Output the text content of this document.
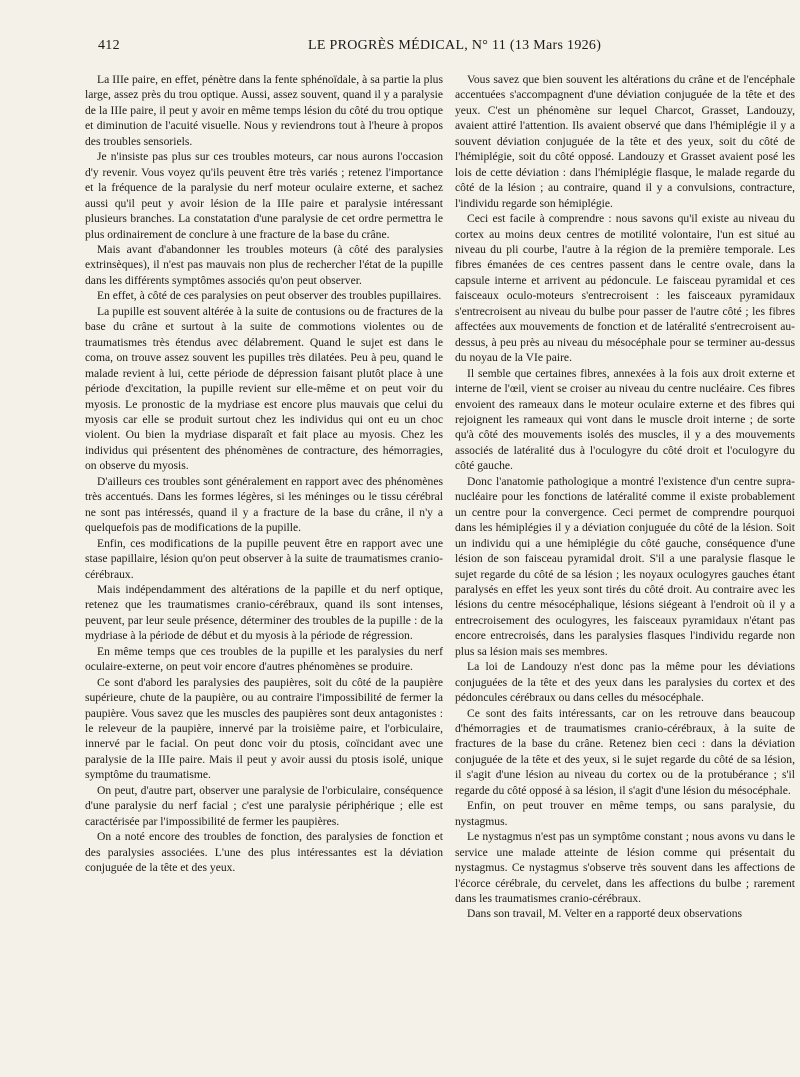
412	LE PROGRÈS MÉDICAL, N° 11 (13 Mars 1926)

La IIIe paire, en effet, pénètre dans la fente sphénoïdale, à sa partie la plus large, assez près du trou optique. Aussi, assez souvent, quand il y a paralysie de la IIIe paire, il peut y avoir en même temps lésion du côté du trou optique et diminution de l'acuité visuelle. Nous y reviendrons tout à l'heure à propos des troubles sensoriels.

Je n'insiste pas plus sur ces troubles moteurs, car nous aurons l'occasion d'y revenir. Vous voyez qu'ils peuvent être très variés ; retenez l'importance et la fréquence de la paralysie du nerf moteur oculaire externe, et sachez aussi qu'il peut y avoir lésion de la IIIe paire et paralysie intéressant plusieurs branches. La constatation d'une paralysie de cet ordre permettra le plus ordinairement de conclure à une fracture de la base du crâne.

Mais avant d'abandonner les troubles moteurs (à côté des paralysies extrinsèques), il n'est pas mauvais non plus de rechercher l'état de la pupille dans les différents symptômes associés qu'on peut observer.

En effet, à côté de ces paralysies on peut observer des troubles pupillaires.

La pupille est souvent altérée à la suite de contusions ou de fractures de la base du crâne et surtout à la suite de commotions violentes ou de traumatismes très étendus avec délabrement. Quand le sujet est dans le coma, on trouve assez souvent les pupilles très dilatées. Peu à peu, quand le malade revient à lui, cette période de dépression faisant plutôt place à une période d'excitation, la pupille revient sur elle-même et on peut voir du myosis. Le pronostic de la mydriase est encore plus mauvais que celui du myosis car elle se produit surtout chez les individus qui ont eu un choc violent. Ou bien la mydriase disparaît et fait place au myosis. Chez les individus qui présentent des phénomènes de contracture, des hémorragies, on observe du myosis.

D'ailleurs ces troubles sont généralement en rapport avec des phénomènes très accentués. Dans les formes légères, si les méninges ou le tissu cérébral ne sont pas intéressés, quand il y a fracture de la base du crâne, il n'y a quelquefois pas de modifications de la pupille.

Enfin, ces modifications de la pupille peuvent être en rapport avec une stase papillaire, lésion qu'on peut observer à la suite de traumatismes cranio-cérébraux.

Mais indépendamment des altérations de la papille et du nerf optique, retenez que les traumatismes cranio-cérébraux, quand ils sont intenses, peuvent, par leur seule présence, déterminer des troubles de la pupille : de la mydriase à la période de début et du myosis à la période de régression.

En même temps que ces troubles de la pupille et les paralysies du nerf oculaire-externe, on peut voir encore d'autres phénomènes se produire.

Ce sont d'abord les paralysies des paupières, soit du côté de la paupière supérieure, chute de la paupière, ou au contraire l'impossibilité de fermer la paupière. Vous savez que les muscles des paupières sont deux antagonistes : le releveur de la paupière, innervé par la troisième paire, et l'orbiculaire, innervé par le facial. On peut donc voir du ptosis, coïncidant avec une paralysie de la IIIe paire. Mais il peut y avoir aussi du ptosis isolé, unique symptôme du traumatisme.

On peut, d'autre part, observer une paralysie de l'orbiculaire, conséquence d'une paralysie du nerf facial ; c'est une paralysie périphérique ; elle est caractérisée par l'impossibilité de fermer les paupières.

On a noté encore des troubles de fonction, des paralysies de fonction et des paralysies associées. L'une des plus intéressantes est la déviation conjuguée de la tête et des yeux.

Vous savez que bien souvent les altérations du crâne et de l'encéphale accentuées s'accompagnent d'une déviation conjuguée de la tête et des yeux. C'est un phénomène sur lequel Charcot, Grasset, Landouzy, avaient attiré l'attention. Ils avaient observé que dans l'hémiplégie il y a souvent déviation conjuguée de la tête et des yeux, soit du côté de l'hémiplégie, soit du côté opposé. Landouzy et Grasset avaient posé les lois de cette déviation : dans l'hémiplégie flasque, le malade regarde du côté de la lésion ; au contraire, quand il y a convulsions, contracture, l'individu regarde son hémiplégie.

Ceci est facile à comprendre : nous savons qu'il existe au niveau du cortex au moins deux centres de motilité volontaire, l'un est situé au niveau du pli courbe, l'autre à la région de la première temporale. Les fibres émanées de ces centres passent dans le centre ovale, dans la capsule interne et arrivent au pédoncule. Le faisceau pyramidal et ces faisceaux oculo-moteurs s'entrecroisent : les faisceaux pyramidaux s'entrecroisent au niveau du bulbe pour passer de l'autre côté ; les fibres affectées aux mouvements de fonction et de latéralité s'entrecroisent au-dessus, à peu près au niveau du mésocéphale pour se terminer au-dessus du noyau de la VIe paire.

Il semble que certaines fibres, annexées à la fois aux droit externe et interne de l'œil, vient se croiser au niveau du centre nucléaire. Ces fibres envoient des rameaux dans le moteur oculaire externe et des fibres qui rejoignent les rameaux qui vont dans le muscle droit interne ; de sorte qu'à côté des mouvements isolés des muscles, il y a des mouvements associés de latéralité dus à l'oculogyre du côté droit et l'oculogyre du côté gauche.

Donc l'anatomie pathologique a montré l'existence d'un centre supra-nucléaire pour les fonctions de latéralité comme il existe probablement un centre pour la convergence. Ceci permet de comprendre pourquoi dans les hémiplégies il y a déviation conjuguée du côté de la lésion. Soit un individu qui a une hémiplégie du côté gauche, conséquence d'une lésion de son faisceau pyramidal droit. S'il a une paralysie flasque le sujet regarde du côté de sa lésion ; les noyaux oculogyres gauches étant paralysés en effet les yeux sont tirés du côté droit. Au contraire avec les lésions du centre mésocéphalique, lésions siégeant à l'endroit où il y a entrecroisement des oculogyres, les faisceaux pyramidaux n'étant pas encore entrecroisés, dans les paralysies flasques l'individu regarde non plus sa lésion mais ses membres.

La loi de Landouzy n'est donc pas la même pour les déviations conjuguées de la tête et des yeux dans les paralysies du cortex et des pédoncules cérébraux ou dans celles du mésocéphale.

Ce sont des faits intéressants, car on les retrouve dans beaucoup d'hémorragies et de traumatismes cranio-cérébraux, à la suite de fractures de la base du crâne. Retenez bien ceci : dans la déviation conjuguée de la tête et des yeux, si le sujet regarde du côté de sa lésion, il s'agit d'une lésion au niveau du cortex ou de la protubérance ; s'il regarde du côté opposé à sa lésion, il s'agit d'une lésion du mésocéphale.

Enfin, on peut trouver en même temps, ou sans paralysie, du nystagmus.

Le nystagmus n'est pas un symptôme constant ; nous avons vu dans le service une malade atteinte de lésion comme qui présentait du nystagmus. Ce nystagmus s'observe très souvent dans les affections de l'écorce cérébrale, du cervelet, dans les affections du bulbe ; rarement dans les traumatismes cranio-cérébraux.

Dans son travail, M. Velter en a rapporté deux observations
